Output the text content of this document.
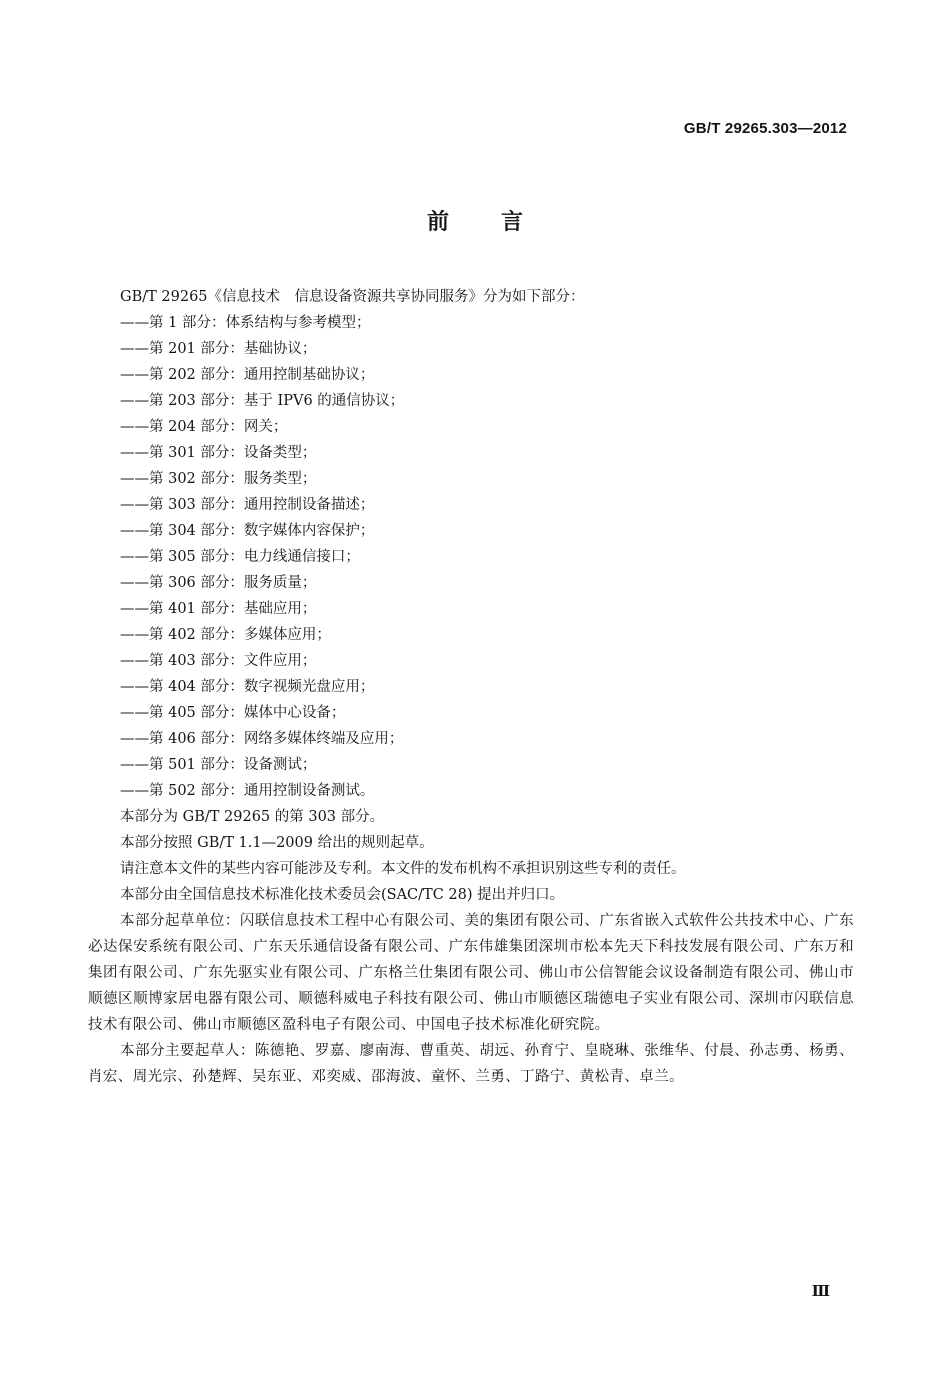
GB/T 29265.303—2012
前 言

GB/T 29265《信息技术　信息设备资源共享协同服务》分为如下部分：

——第 1 部分：体系结构与参考模型；

——第 201 部分：基础协议；

——第 202 部分：通用控制基础协议；

——第 203 部分：基于 IPV6 的通信协议；

——第 204 部分：网关；

——第 301 部分：设备类型；

——第 302 部分：服务类型；

——第 303 部分：通用控制设备描述；

——第 304 部分：数字媒体内容保护；

——第 305 部分：电力线通信接口；

——第 306 部分：服务质量；

——第 401 部分：基础应用；

——第 402 部分：多媒体应用；

——第 403 部分：文件应用；

——第 404 部分：数字视频光盘应用；

——第 405 部分：媒体中心设备；

——第 406 部分：网络多媒体终端及应用；

——第 501 部分：设备测试；

——第 502 部分：通用控制设备测试。

本部分为 GB/T 29265 的第 303 部分。

本部分按照 GB/T 1.1—2009 给出的规则起草。

请注意本文件的某些内容可能涉及专利。本文件的发布机构不承担识别这些专利的责任。

本部分由全国信息技术标准化技术委员会(SAC/TC 28) 提出并归口。

本部分起草单位：闪联信息技术工程中心有限公司、美的集团有限公司、广东省嵌入式软件公共技术中心、广东必达保安系统有限公司、广东天乐通信设备有限公司、广东伟雄集团深圳市松本先天下科技发展有限公司、广东万和集团有限公司、广东先驱实业有限公司、广东格兰仕集团有限公司、佛山市公信智能会议设备制造有限公司、佛山市顺德区顺博家居电器有限公司、顺德科威电子科技有限公司、佛山市顺德区瑞德电子实业有限公司、深圳市闪联信息技术有限公司、佛山市顺德区盈科电子有限公司、中国电子技术标准化研究院。

本部分主要起草人：陈德艳、罗嘉、廖南海、曹重英、胡远、孙育宁、皇晓琳、张维华、付晨、孙志勇、杨勇、肖宏、周光宗、孙楚辉、吴东亚、邓奕威、邵海波、童怀、兰勇、丁路宁、黄松青、卓兰。

Ⅲ
